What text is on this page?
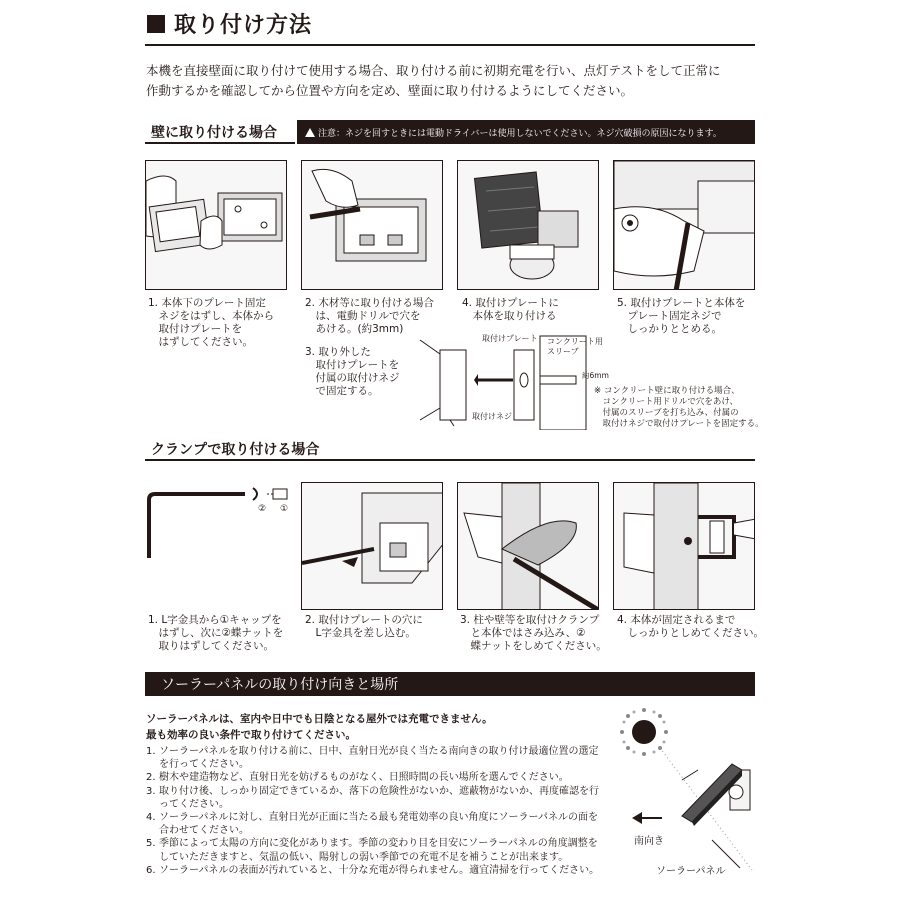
取り付け方法
本機を直接壁面に取り付けて使用する場合、取り付ける前に初期充電を行い、点灯テストをして正常に
作動するかを確認してから位置や方向を定め、壁面に取り付けるようにしてください。
壁に取り付ける場合	注意：ネジを回すときには電動ドライバーは使用しないでください。ネジ穴破損の原因になります。
1. 本体下のプレート固定
　ネジをはずし、本体から
　取付けプレートを
　はずしてください。
2. 木材等に取り付ける場合
　は、電動ドリルで穴を
　あける。(約3mm)
3. 取り外した
　取付けプレートを
　付属の取付けネジ
　で固定する。
4. 取付けプレートに
　本体を取り付ける
5. 取付けプレートと本体を
　プレート固定ネジで
　しっかりととめる。
取付けプレート コンクリート用
スリーブ
約6mm
取付けネジ
※ コンクリート壁に取り付ける場合、
　コンクリート用ドリルで穴をあけ、
　付属のスリーブを打ち込み、付属の
　取付けネジで取付けプレートを固定する。
クランプで取り付ける場合
② ①
1. L字金具から①キャップを
　はずし、次に②蝶ナットを
　取りはずしてください。
2. 取付けプレートの穴に
　L字金具を差し込む。
3. 柱や壁等を取付けクランプ
　と本体ではさみ込み、②
　蝶ナットをしめてください。
4. 本体が固定されるまで
　しっかりとしめてください。
ソーラーパネルの取り付け向きと場所
ソーラーパネルは、室内や日中でも日陰となる屋外では充電できません。
最も効率の良い条件で取り付けてください。
1. ソーラーパネルを取り付ける前に、日中、直射日光が良く当たる南向きの取り付け最適位置の選定を行ってください。
2. 樹木や建造物など、直射日光を妨げるものがなく、日照時間の長い場所を選んでください。
3. 取り付け後、しっかり固定できているか、落下の危険性がないか、遮蔽物がないか、再度確認を行ってください。
4. ソーラーパネルに対し、直射日光が正面に当たる最も発電効率の良い角度にソーラーパネルの面を合わせてください。
5. 季節によって太陽の方向に変化があります。季節の変わり目を目安にソーラーパネルの角度調整をしていただきますと、気温の低い、陽射しの弱い季節での充電不足を補うことが出来ます。
6. ソーラーパネルの表面が汚れていると、十分な充電が得られません。適宜清掃を行ってください。
南向き
ソーラーパネル
